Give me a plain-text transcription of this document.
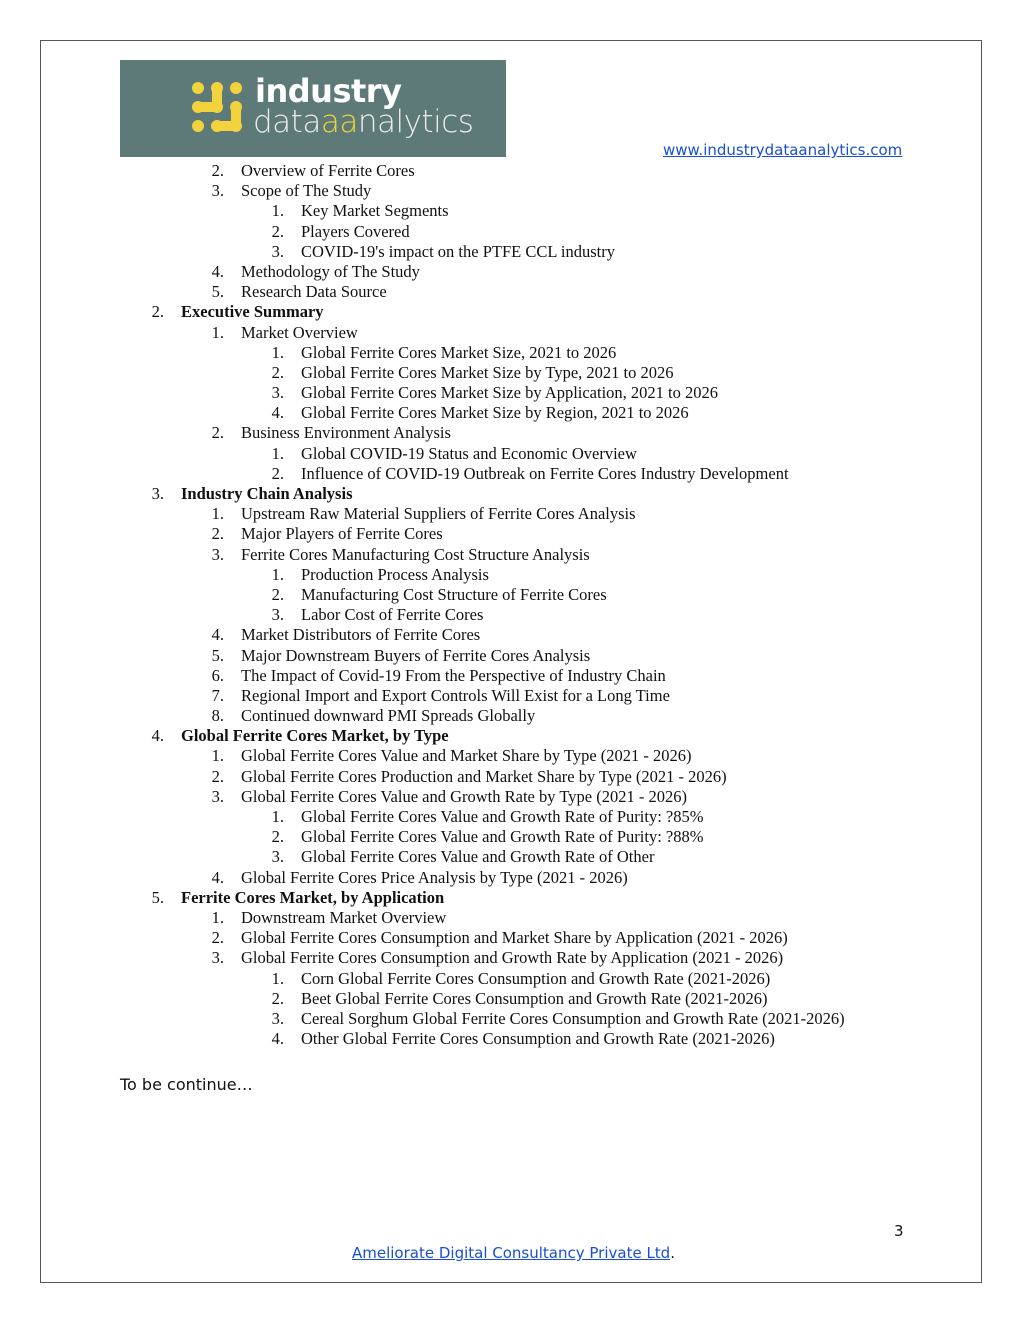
industry
dataaanalytics
www.industrydataanalytics.com
2. Overview of Ferrite Cores
3. Scope of The Study
1. Key Market Segments
2. Players Covered
3. COVID-19's impact on the PTFE CCL industry
4. Methodology of The Study
5. Research Data Source
2. Executive Summary
1. Market Overview
1. Global Ferrite Cores Market Size, 2021 to 2026
2. Global Ferrite Cores Market Size by Type, 2021 to 2026
3. Global Ferrite Cores Market Size by Application, 2021 to 2026
4. Global Ferrite Cores Market Size by Region, 2021 to 2026
2. Business Environment Analysis
1. Global COVID-19 Status and Economic Overview
2. Influence of COVID-19 Outbreak on Ferrite Cores Industry Development
3. Industry Chain Analysis
1. Upstream Raw Material Suppliers of Ferrite Cores Analysis
2. Major Players of Ferrite Cores
3. Ferrite Cores Manufacturing Cost Structure Analysis
1. Production Process Analysis
2. Manufacturing Cost Structure of Ferrite Cores
3. Labor Cost of Ferrite Cores
4. Market Distributors of Ferrite Cores
5. Major Downstream Buyers of Ferrite Cores Analysis
6. The Impact of Covid-19 From the Perspective of Industry Chain
7. Regional Import and Export Controls Will Exist for a Long Time
8. Continued downward PMI Spreads Globally
4. Global Ferrite Cores Market, by Type
1. Global Ferrite Cores Value and Market Share by Type (2021 - 2026)
2. Global Ferrite Cores Production and Market Share by Type (2021 - 2026)
3. Global Ferrite Cores Value and Growth Rate by Type (2021 - 2026)
1. Global Ferrite Cores Value and Growth Rate of Purity: ?85%
2. Global Ferrite Cores Value and Growth Rate of Purity: ?88%
3. Global Ferrite Cores Value and Growth Rate of Other
4. Global Ferrite Cores Price Analysis by Type (2021 - 2026)
5. Ferrite Cores Market, by Application
1. Downstream Market Overview
2. Global Ferrite Cores Consumption and Market Share by Application (2021 - 2026)
3. Global Ferrite Cores Consumption and Growth Rate by Application (2021 - 2026)
1. Corn Global Ferrite Cores Consumption and Growth Rate (2021-2026)
2. Beet Global Ferrite Cores Consumption and Growth Rate (2021-2026)
3. Cereal Sorghum Global Ferrite Cores Consumption and Growth Rate (2021-2026)
4. Other Global Ferrite Cores Consumption and Growth Rate (2021-2026)
To be continue…
3
Ameliorate Digital Consultancy Private Ltd.
